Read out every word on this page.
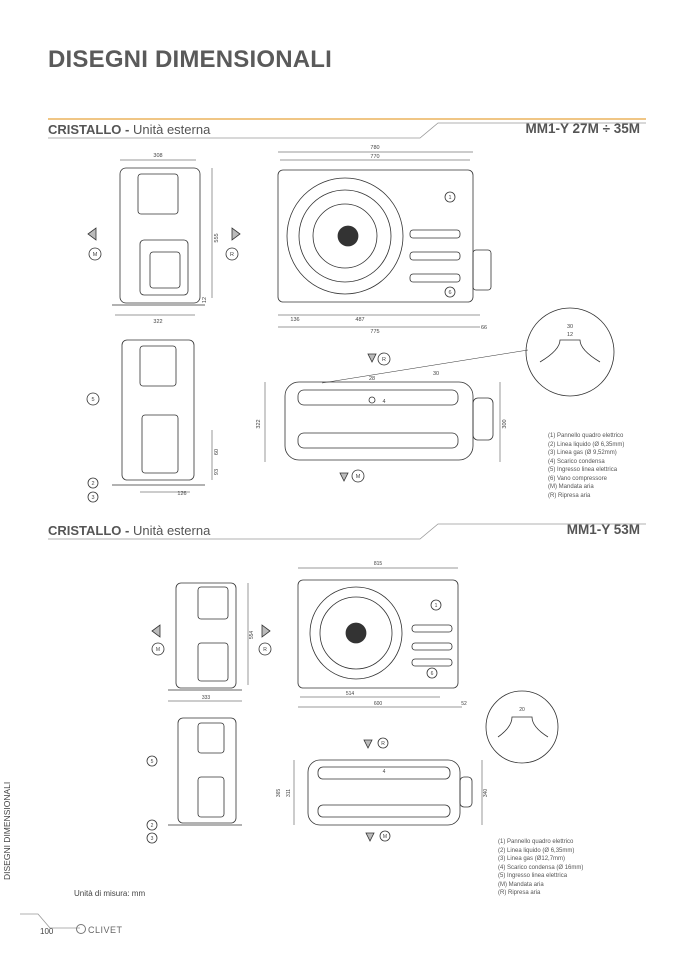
DISEGNI DIMENSIONALI
CRISTALLO - Unità esterna	MM1-Y 27M ÷ 35M
308
322
555
12
780
770
136	487
775
66
60
93
126
322	300
30
28
30
12
M	R
1
6
5
2
3
R
M
4
(1) Pannello quadro elettrico
(2) Linea liquido (Ø 6,35mm)
(3) Linea gas (Ø 9,52mm)
(4) Scarico condensa
(5) Ingresso linea elettrica
(6) Vano compressore
(M) Mandata aria
(R) Ripresa aria
CRISTALLO - Unità esterna	MM1-Y 53M
815
514
600	52
554
333
20
365 311	340
M	R
1
6
5
2
3
R
M
4
(1) Pannello quadro elettrico
(2) Linea liquido (Ø 6,35mm)
(3) Linea gas (Ø12,7mm)
(4) Scarico condensa (Ø 16mm)
(5) Ingresso linea elettrica
(M) Mandata aria
(R) Ripresa aria
DISEGNI DIMENSIONALI
Unità di misura: mm
100	CLIVET
